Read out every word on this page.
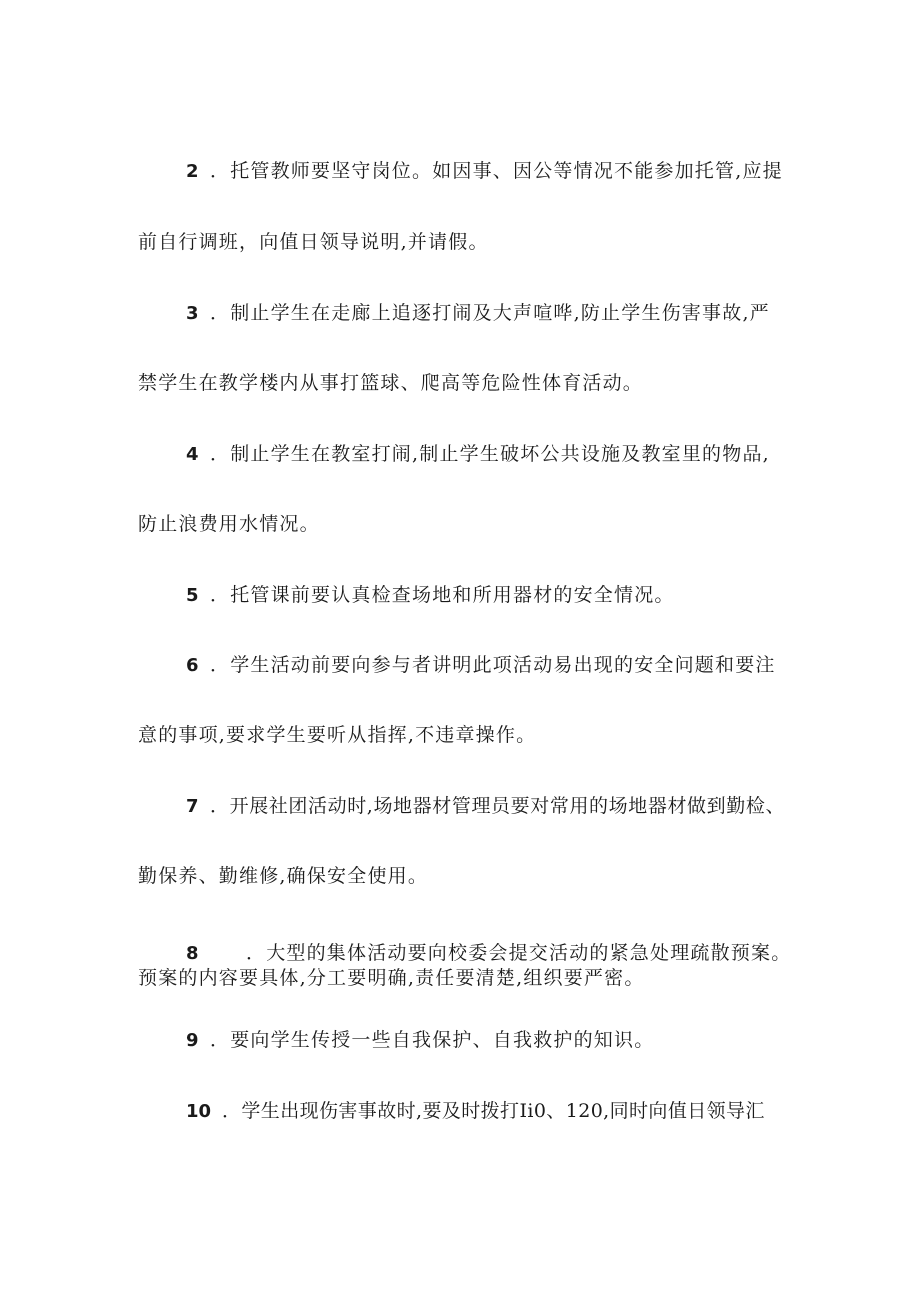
2 ．托管教师要坚守岗位。如因事、因公等情况不能参加托管,应提
前自行调班，向值日领导说明,并请假。
3 ．制止学生在走廊上追逐打闹及大声喧哗,防止学生伤害事故,严
禁学生在教学楼内从事打篮球、爬高等危险性体育活动。
4 ．制止学生在教室打闹,制止学生破坏公共设施及教室里的物品,
防止浪费用水情况。
5 ．托管课前要认真检查场地和所用器材的安全情况。
6 ．学生活动前要向参与者讲明此项活动易出现的安全问题和要注
意的事项,要求学生要听从指挥,不违章操作。
7 ．开展社团活动时,场地器材管理员要对常用的场地器材做到勤检、
勤保养、勤维修,确保安全使用。
8 ．大型的集体活动要向校委会提交活动的紧急处理疏散预案。
预案的内容要具体,分工要明确,责任要清楚,组织要严密。
9 ．要向学生传授一些自我保护、自我救护的知识。
10 ．学生出现伤害事故时,要及时拨打Ii0、120,同时向值日领导汇
